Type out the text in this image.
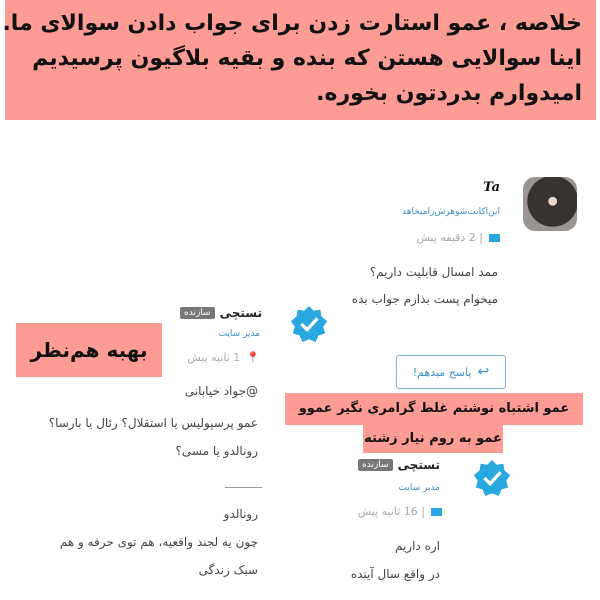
خلاصه ، عمو استارت زدن برای جواب دادن سوالای ما.
اینا سوالایی هستن که بنده و بقیه بلاگیون پرسیدیم
امیدوارم بدردتون بخوره.
Ta
این‌اکانت‌شوهرش‌رامیخاهد
| 2 دقیقه پیش
ممد امسال قابلیت داریم؟
میخوام پست بذارم جواب بده
↩
پاسخ میدهم!
تستچیسازنده
مدیر سایت
📍1 ثانیه پیش
بهبه هم‌نظر
@جواد خیابانی
عمو پرسپولیس یا استقلال؟ رئال یا بارسا؟
رونالدو یا مسی؟
رونالدو
چون یه لجند واقعیه، هم توی حرفه و هم
سبک زندگی
عمو اشتباه نوشتم غلط گرامری نگیر عموو
عمو به روم نیار زشته
تستچیسازنده
مدیر سایت
| 16 ثانیه پیش
اره داریم
در واقع سال آینده
